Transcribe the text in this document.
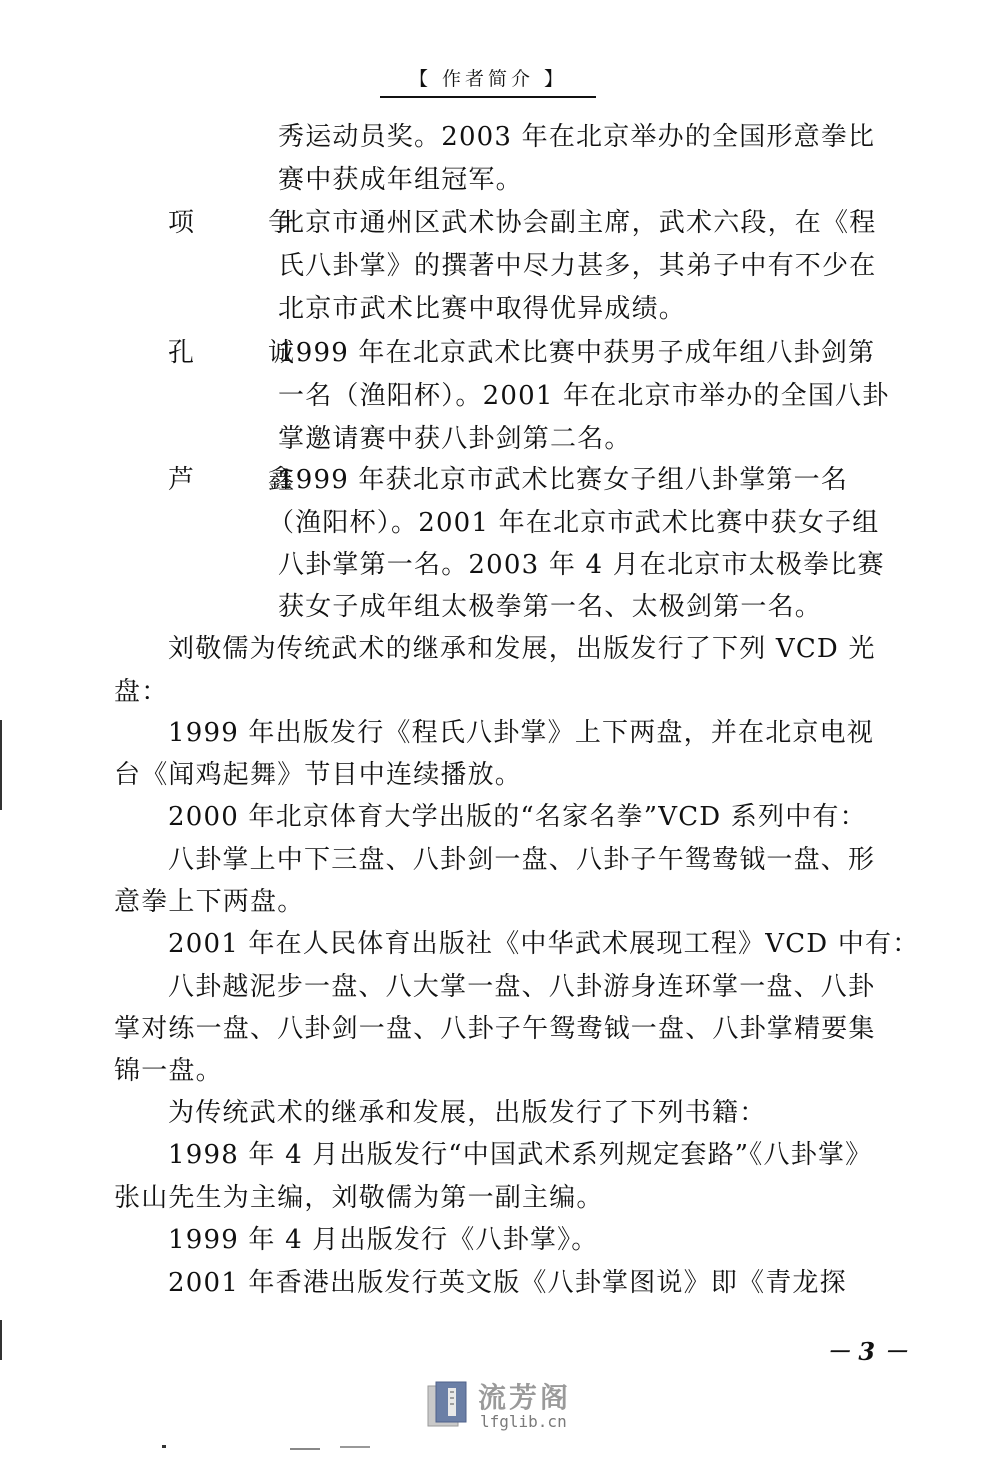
【 作者简介 】
秀运动员奖。2003 年在北京举办的全国形意拳比
赛中获成年组冠军。
项　争
北京市通州区武术协会副主席，武术六段，在《程
氏八卦掌》的撰著中尽力甚多，其弟子中有不少在
北京市武术比赛中取得优异成绩。
孔　诚
1999 年在北京武术比赛中获男子成年组八卦剑第
一名（渔阳杯）。2001 年在北京市举办的全国八卦
掌邀请赛中获八卦剑第二名。
芦　鑫
1999 年获北京市武术比赛女子组八卦掌第一名
（渔阳杯）。2001 年在北京市武术比赛中获女子组
八卦掌第一名。2003 年 4 月在北京市太极拳比赛
获女子成年组太极拳第一名、太极剑第一名。
刘敬儒为传统武术的继承和发展，出版发行了下列 VCD 光
盘：
1999 年出版发行《程氏八卦掌》上下两盘，并在北京电视
台《闻鸡起舞》节目中连续播放。
2000 年北京体育大学出版的“名家名拳”VCD 系列中有：
八卦掌上中下三盘、八卦剑一盘、八卦子午鸳鸯钺一盘、形
意拳上下两盘。
2001 年在人民体育出版社《中华武术展现工程》VCD 中有：
八卦越泥步一盘、八大掌一盘、八卦游身连环掌一盘、八卦
掌对练一盘、八卦剑一盘、八卦子午鸳鸯钺一盘、八卦掌精要集
锦一盘。
为传统武术的继承和发展，出版发行了下列书籍：
1998 年 4 月出版发行“中国武术系列规定套路”《八卦掌》
张山先生为主编，刘敬儒为第一副主编。
1999 年 4 月出版发行《八卦掌》。
2001 年香港出版发行英文版《八卦掌图说》即《青龙探
－ 3 －
流芳阁
lfglib.cn
